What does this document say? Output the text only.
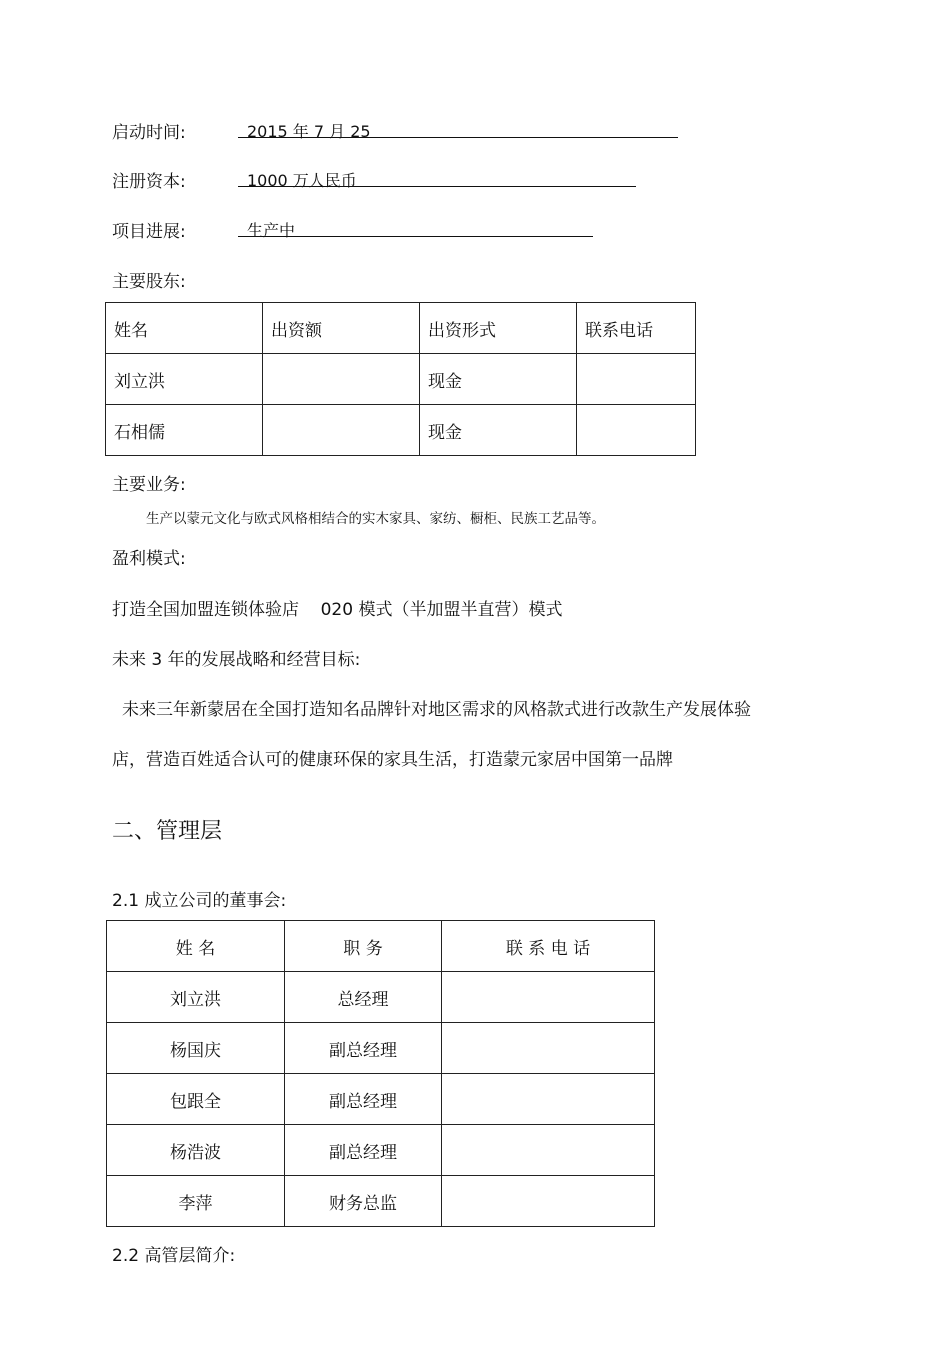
启动时间:	2015 年 7 月 25
注册资本:	1000 万人民币
项目进展:	生产中
主要股东:
姓名	出资额	出资形式	联系电话
刘立洪		现金	
石相儒		现金	
主要业务:
生产以蒙元文化与欧式风格相结合的实木家具、家纺、橱柜、民族工艺品等。
盈利模式:
打造全国加盟连锁体验店    020 模式（半加盟半直营）模式
未来 3 年的发展战略和经营目标:
未来三年新蒙居在全国打造知名品牌针对地区需求的风格款式进行改款生产发展体验
店，营造百姓适合认可的健康环保的家具生活，打造蒙元家居中国第一品牌
二、管理层
2.1 成立公司的董事会:
姓 名	职 务	联 系 电 话
刘立洪	总经理	
杨国庆	副总经理	
包跟全	副总经理	
杨浩波	副总经理	
李萍	财务总监	
2.2 高管层简介:
